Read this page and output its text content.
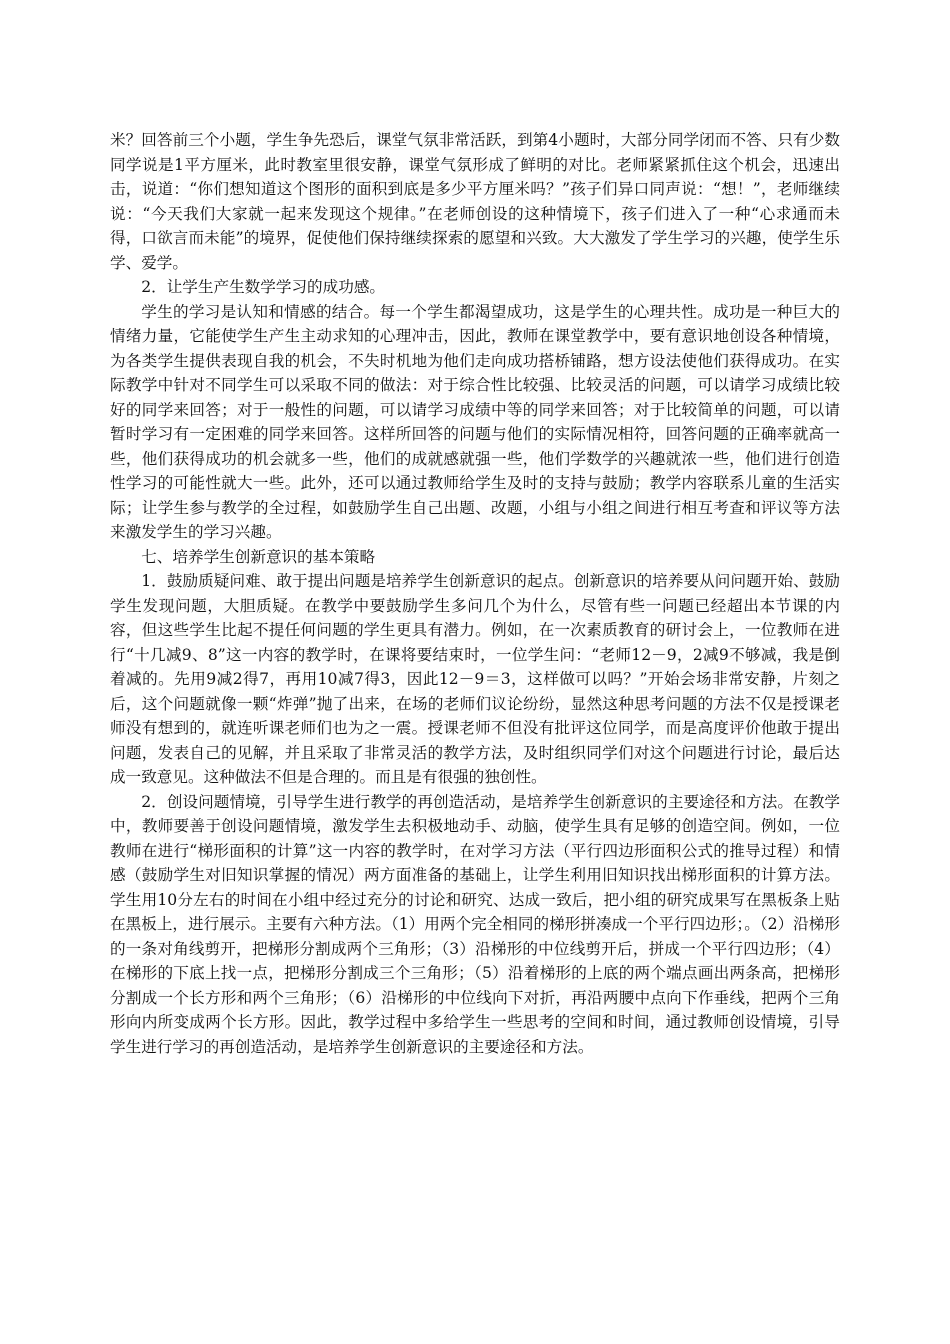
米？回答前三个小题，学生争先恐后，课堂气氛非常活跃，到第4小题时，大部分同学闭而不答、只有少数同学说是1平方厘米，此时教室里很安静，课堂气氛形成了鲜明的对比。老师紧紧抓住这个机会，迅速出击，说道：“你们想知道这个图形的面积到底是多少平方厘米吗？”孩子们异口同声说：“想！”，老师继续说：“今天我们大家就一起来发现这个规律。”在老师创设的这种情境下，孩子们进入了一种“心求通而未得，口欲言而未能”的境界，促使他们保持继续探索的愿望和兴致。大大激发了学生学习的兴趣，使学生乐学、爱学。

2．让学生产生数学学习的成功感。

学生的学习是认知和情感的结合。每一个学生都渴望成功，这是学生的心理共性。成功是一种巨大的情绪力量，它能使学生产生主动求知的心理冲击，因此，教师在课堂教学中，要有意识地创设各种情境，为各类学生提供表现自我的机会，不失时机地为他们走向成功搭桥铺路，想方设法使他们获得成功。在实际教学中针对不同学生可以采取不同的做法：对于综合性比较强、比较灵活的问题，可以请学习成绩比较好的同学来回答；对于一般性的问题，可以请学习成绩中等的同学来回答；对于比较简单的问题，可以请暂时学习有一定困难的同学来回答。这样所回答的问题与他们的实际情况相符，回答问题的正确率就高一些，他们获得成功的机会就多一些，他们的成就感就强一些，他们学数学的兴趣就浓一些，他们进行创造性学习的可能性就大一些。此外，还可以通过教师给学生及时的支持与鼓励；教学内容联系儿童的生活实际；让学生参与教学的全过程，如鼓励学生自己出题、改题，小组与小组之间进行相互考查和评议等方法来激发学生的学习兴趣。

七、培养学生创新意识的基本策略

1．鼓励质疑问难、敢于提出问题是培养学生创新意识的起点。创新意识的培养要从问问题开始、鼓励学生发现问题，大胆质疑。在教学中要鼓励学生多问几个为什么，尽管有些一问题已经超出本节课的内容，但这些学生比起不提任何问题的学生更具有潜力。例如，在一次素质教育的研讨会上，一位教师在进行“十几减9、8”这一内容的教学时，在课将要结束时，一位学生问：“老师12－9，2减9不够减，我是倒着减的。先用9减2得7，再用10减7得3，因此12－9＝3，这样做可以吗？”开始会场非常安静，片刻之后，这个问题就像一颗“炸弹”抛了出来，在场的老师们议论纷纷，显然这种思考问题的方法不仅是授课老师没有想到的，就连听课老师们也为之一震。授课老师不但没有批评这位同学，而是高度评价他敢于提出问题，发表自己的见解，并且采取了非常灵活的教学方法，及时组织同学们对这个问题进行讨论，最后达成一致意见。这种做法不但是合理的。而且是有很强的独创性。

2．创设问题情境，引导学生进行教学的再创造活动，是培养学生创新意识的主要途径和方法。在教学中，教师要善于创设问题情境，激发学生去积极地动手、动脑，使学生具有足够的创造空间。例如，一位教师在进行“梯形面积的计算”这一内容的教学时，在对学习方法（平行四边形面积公式的推导过程）和情感（鼓励学生对旧知识掌握的情况）两方面准备的基础上，让学生利用旧知识找出梯形面积的计算方法。学生用10分左右的时间在小组中经过充分的讨论和研究、达成一致后，把小组的研究成果写在黑板条上贴在黑板上，进行展示。主要有六种方法。（1）用两个完全相同的梯形拼凑成一个平行四边形；。（2）沿梯形的一条对角线剪开，把梯形分割成两个三角形；（3）沿梯形的中位线剪开后，拼成一个平行四边形；（4）在梯形的下底上找一点，把梯形分割成三个三角形；（5）沿着梯形的上底的两个端点画出两条高，把梯形分割成一个长方形和两个三角形；（6）沿梯形的中位线向下对折，再沿两腰中点向下作垂线，把两个三角形向内所变成两个长方形。因此，教学过程中多给学生一些思考的空间和时间，通过教师创设情境，引导学生进行学习的再创造活动，是培养学生创新意识的主要途径和方法。
